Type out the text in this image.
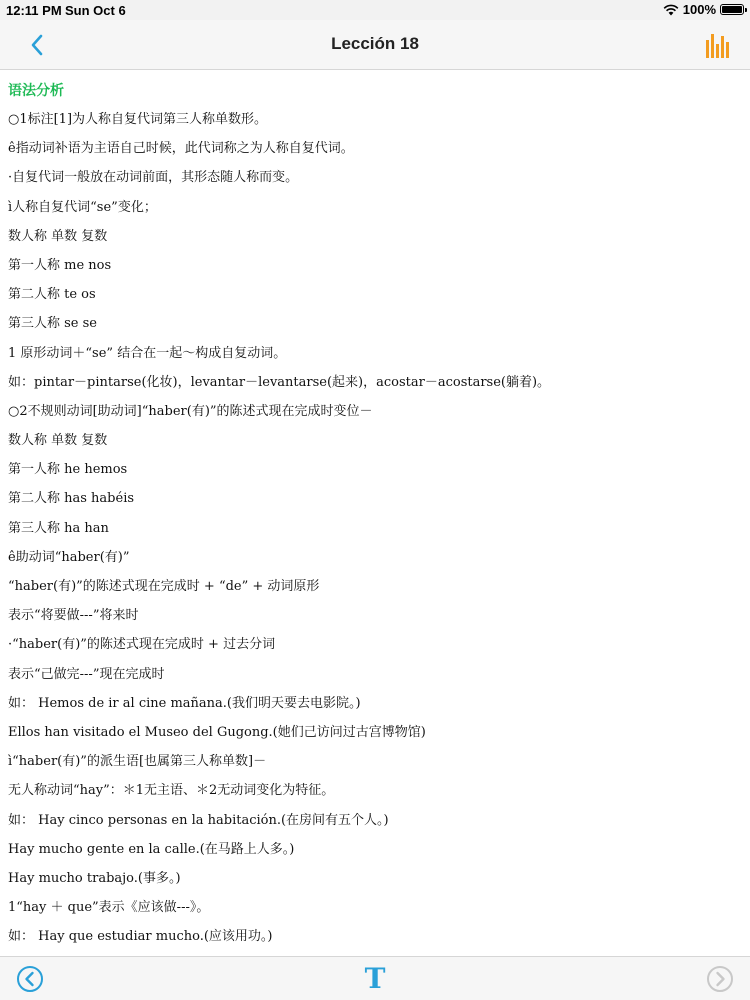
12:11 PM Sun Oct 6	100%
Lección 18
语法分析
○1标注[1]为人称自复代词第三人称单数形。
ê指动词补语为主语自己时候，此代词称之为人称自复代词。
·自复代词一般放在动词前面，其形态随人称而变。
ì人称自复代词“se”变化；
数人称 单数 复数
第一人称 me nos
第二人称 te os
第三人称 se se
1 原形动词＋“se” 结合在一起～构成自复动词。
如：pintar－pintarse(化妆)，levantar－levantarse(起来)，acostar－acostarse(躺着)。
○2不规则动词[助动词]“haber(有)”的陈述式现在完成时变位－
数人称 单数 复数
第一人称 he hemos
第二人称 has habéis
第三人称 ha han
ê助动词“haber(有)”
“haber(有)”的陈述式现在完成时 + “de” + 动词原形
表示“将要做---”将来时
·“haber(有)”的陈述式现在完成时 + 过去分词
表示“己做完---”现在完成时
如： Hemos de ir al cine mañana.(我们明天要去电影院。)
Ellos han visitado el Museo del Gugong.(她们己访问过古宫博物馆)
ì“haber(有)”的派生语[也属第三人称单数]－
无人称动词“hay”：＊1无主语、＊2无动词变化为特征。
如： Hay cinco personas en la habitación.(在房间有五个人。)
Hay mucho gente en la calle.(在马路上人多。)
Hay mucho trabajo.(事多。)
1“hay ＋ que”表示《应该做---》。
如： Hay que estudiar mucho.(应该用功。)
T
